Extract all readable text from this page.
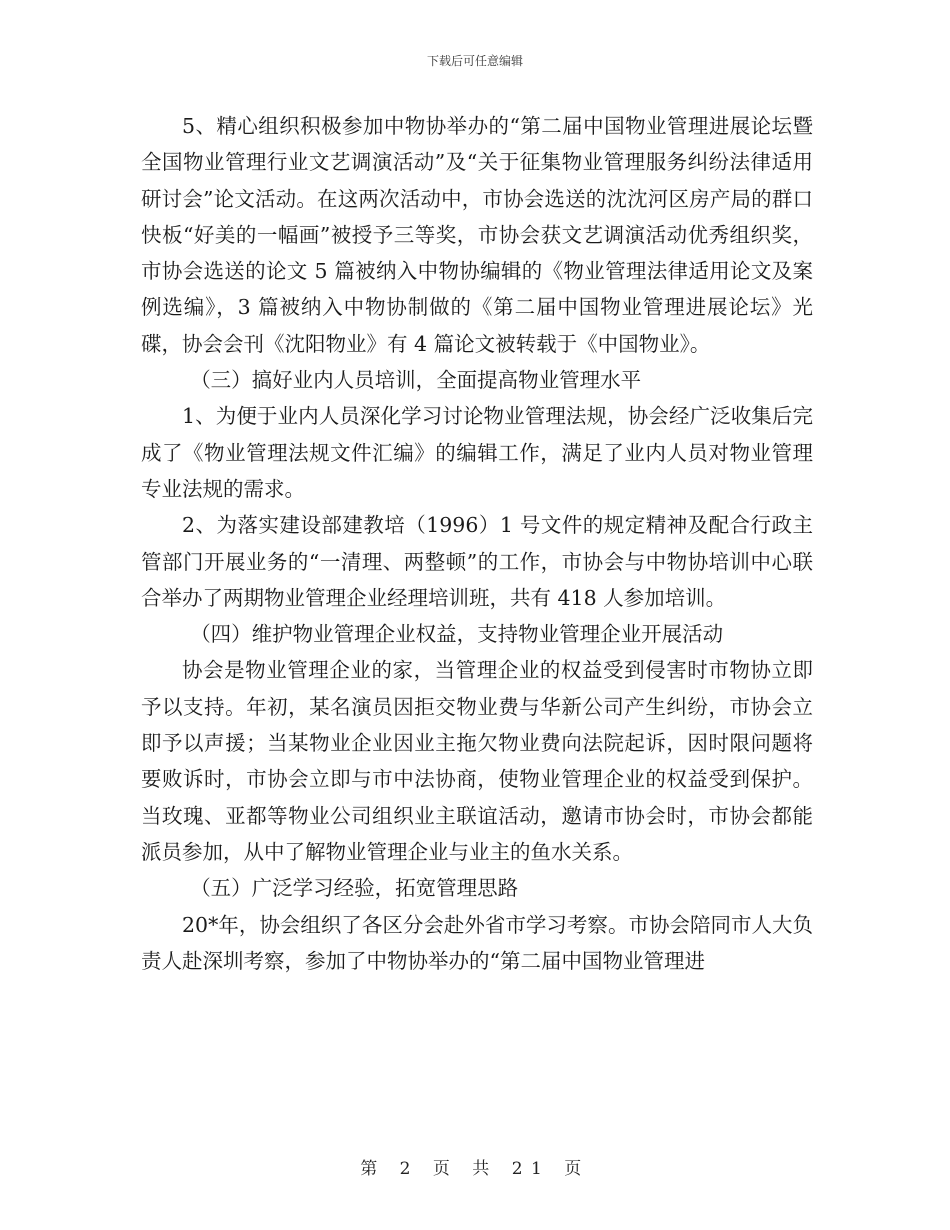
下载后可任意编辑

5、精心组织积极参加中物协举办的“第二届中国物业管理进展论坛暨全国物业管理行业文艺调演活动”及“关于征集物业管理服务纠纷法律适用研讨会”论文活动。在这两次活动中，市协会选送的沈沈河区房产局的群口快板“好美的一幅画”被授予三等奖，市协会获文艺调演活动优秀组织奖，市协会选送的论文 5 篇被纳入中物协编辑的《物业管理法律适用论文及案例选编》，3 篇被纳入中物协制做的《第二届中国物业管理进展论坛》光碟，协会会刊《沈阳物业》有 4 篇论文被转载于《中国物业》。

（三）搞好业内人员培训，全面提高物业管理水平

1、为便于业内人员深化学习讨论物业管理法规，协会经广泛收集后完成了《物业管理法规文件汇编》的编辑工作，满足了业内人员对物业管理专业法规的需求。

2、为落实建设部建教培（1996）1 号文件的规定精神及配合行政主管部门开展业务的“一清理、两整顿”的工作，市协会与中物协培训中心联合举办了两期物业管理企业经理培训班，共有 418 人参加培训。

（四）维护物业管理企业权益，支持物业管理企业开展活动

协会是物业管理企业的家，当管理企业的权益受到侵害时市物协立即予以支持。年初，某名演员因拒交物业费与华新公司产生纠纷，市协会立即予以声援；当某物业企业因业主拖欠物业费向法院起诉，因时限问题将要败诉时，市协会立即与市中法协商，使物业管理企业的权益受到保护。当玫瑰、亚都等物业公司组织业主联谊活动，邀请市协会时，市协会都能派员参加，从中了解物业管理企业与业主的鱼水关系。

（五）广泛学习经验，拓宽管理思路

20*年，协会组织了各区分会赴外省市学习考察。市协会陪同市人大负责人赴深圳考察，参加了中物协举办的“第二届中国物业管理进

第 2 页 共 21 页
